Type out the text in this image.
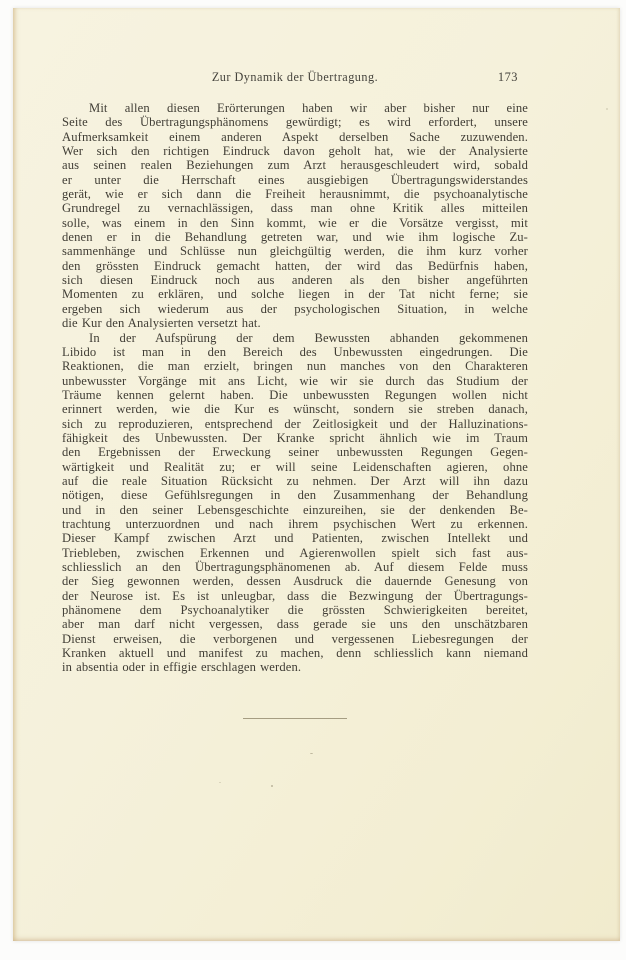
Zur Dynamik der Übertragung.	173
Mit allen diesen Erörterungen haben wir aber bisher nur eine
Seite des Übertragungsphänomens gewürdigt; es wird erfordert, unsere
Aufmerksamkeit einem anderen Aspekt derselben Sache zuzuwenden.
Wer sich den richtigen Eindruck davon geholt hat, wie der Analysierte
aus seinen realen Beziehungen zum Arzt herausgeschleudert wird, sobald
er unter die Herrschaft eines ausgiebigen Übertragungswiderstandes
gerät, wie er sich dann die Freiheit herausnimmt, die psychoanalytische
Grundregel zu vernachlässigen, dass man ohne Kritik alles mitteilen
solle, was einem in den Sinn kommt, wie er die Vorsätze vergisst, mit
denen er in die Behandlung getreten war, und wie ihm logische Zu-
sammenhänge und Schlüsse nun gleichgültig werden, die ihm kurz vorher
den grössten Eindruck gemacht hatten, der wird das Bedürfnis haben,
sich diesen Eindruck noch aus anderen als den bisher angeführten
Momenten zu erklären, und solche liegen in der Tat nicht ferne; sie
ergeben sich wiederum aus der psychologischen Situation, in welche
die Kur den Analysierten versetzt hat.
In der Aufspürung der dem Bewussten abhanden gekommenen
Libido ist man in den Bereich des Unbewussten eingedrungen. Die
Reaktionen, die man erzielt, bringen nun manches von den Charakteren
unbewusster Vorgänge mit ans Licht, wie wir sie durch das Studium der
Träume kennen gelernt haben. Die unbewussten Regungen wollen nicht
erinnert werden, wie die Kur es wünscht, sondern sie streben danach,
sich zu reproduzieren, entsprechend der Zeitlosigkeit und der Halluzinations-
fähigkeit des Unbewussten. Der Kranke spricht ähnlich wie im Traum
den Ergebnissen der Erweckung seiner unbewussten Regungen Gegen-
wärtigkeit und Realität zu; er will seine Leidenschaften agieren, ohne
auf die reale Situation Rücksicht zu nehmen. Der Arzt will ihn dazu
nötigen, diese Gefühlsregungen in den Zusammenhang der Behandlung
und in den seiner Lebensgeschichte einzureihen, sie der denkenden Be-
trachtung unterzuordnen und nach ihrem psychischen Wert zu erkennen.
Dieser Kampf zwischen Arzt und Patienten, zwischen Intellekt und
Triebleben, zwischen Erkennen und Agierenwollen spielt sich fast aus-
schliesslich an den Übertragungsphänomenen ab. Auf diesem Felde muss
der Sieg gewonnen werden, dessen Ausdruck die dauernde Genesung von
der Neurose ist. Es ist unleugbar, dass die Bezwingung der Übertragungs-
phänomene dem Psychoanalytiker die grössten Schwierigkeiten bereitet,
aber man darf nicht vergessen, dass gerade sie uns den unschätzbaren
Dienst erweisen, die verborgenen und vergessenen Liebesregungen der
Kranken aktuell und manifest zu machen, denn schliesslich kann niemand
in absentia oder in effigie erschlagen werden.
